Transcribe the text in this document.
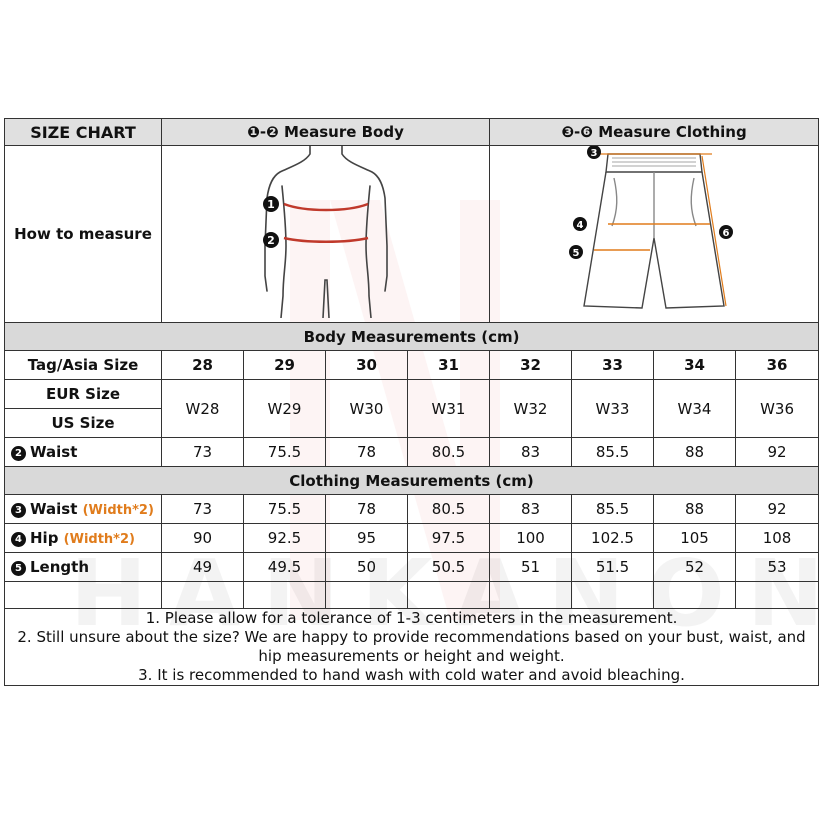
SIZE CHART	❶-❷ Measure Body				❸-❻ Measure Clothing			
How to measure	1
2				3
4
5
6			

Body Measurements (cm)								
Tag/Asia Size	28	29	30	31	32	33	34	36
EUR Size	W28	W29	W30	W31	W32	W33	W34	W36
US Size								
2 Waist	73	75.5	78	80.5	83	85.5	88	92
Clothing Measurements (cm)								
3 Waist (Width*2)	73	75.5	78	80.5	83	85.5	88	92
4 Hip (Width*2)	90	92.5	95	97.5	100	102.5	105	108
5 Length	49	49.5	50	50.5	51	51.5	52	53

1. Please allow for a tolerance of 1-3 centimeters in the measurement.

2. Still unsure about the size? We are happy to provide recommendations based on your bust, waist, and hip measurements or height and weight.

3. It is recommended to hand wash with cold water and avoid bleaching.								
